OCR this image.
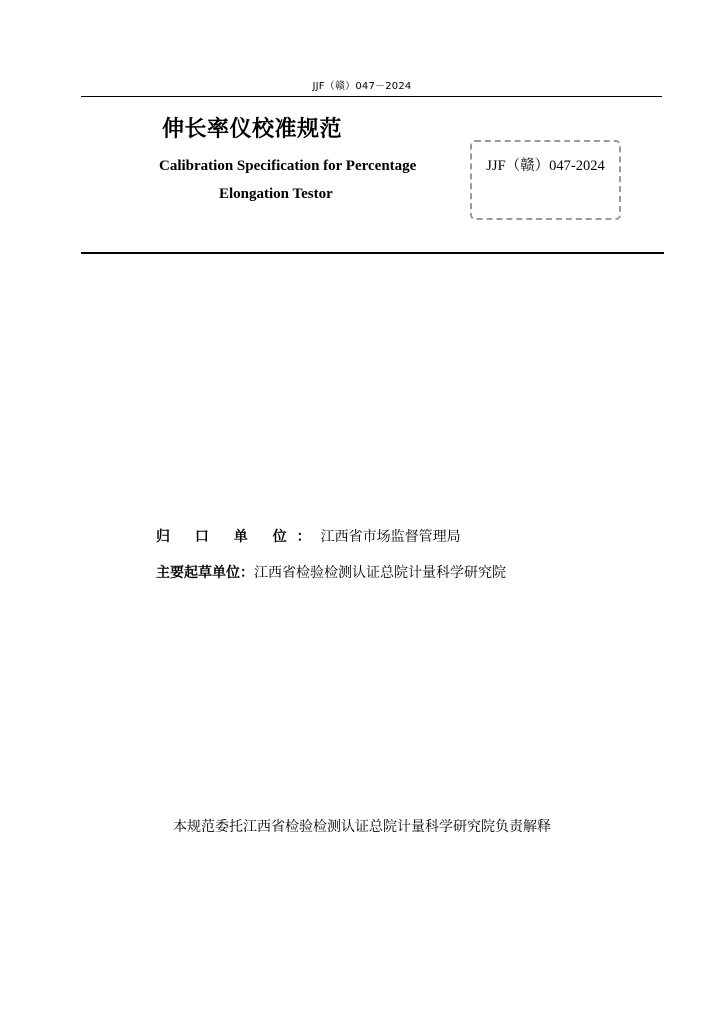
JJF（赣）047－2024
伸长率仪校准规范
Calibration Specification for Percentage
Elongation Testor
JJF（赣）047-2024
归 口 单 位：江西省市场监督管理局
主要起草单位：江西省检验检测认证总院计量科学研究院
本规范委托江西省检验检测认证总院计量科学研究院负责解释
